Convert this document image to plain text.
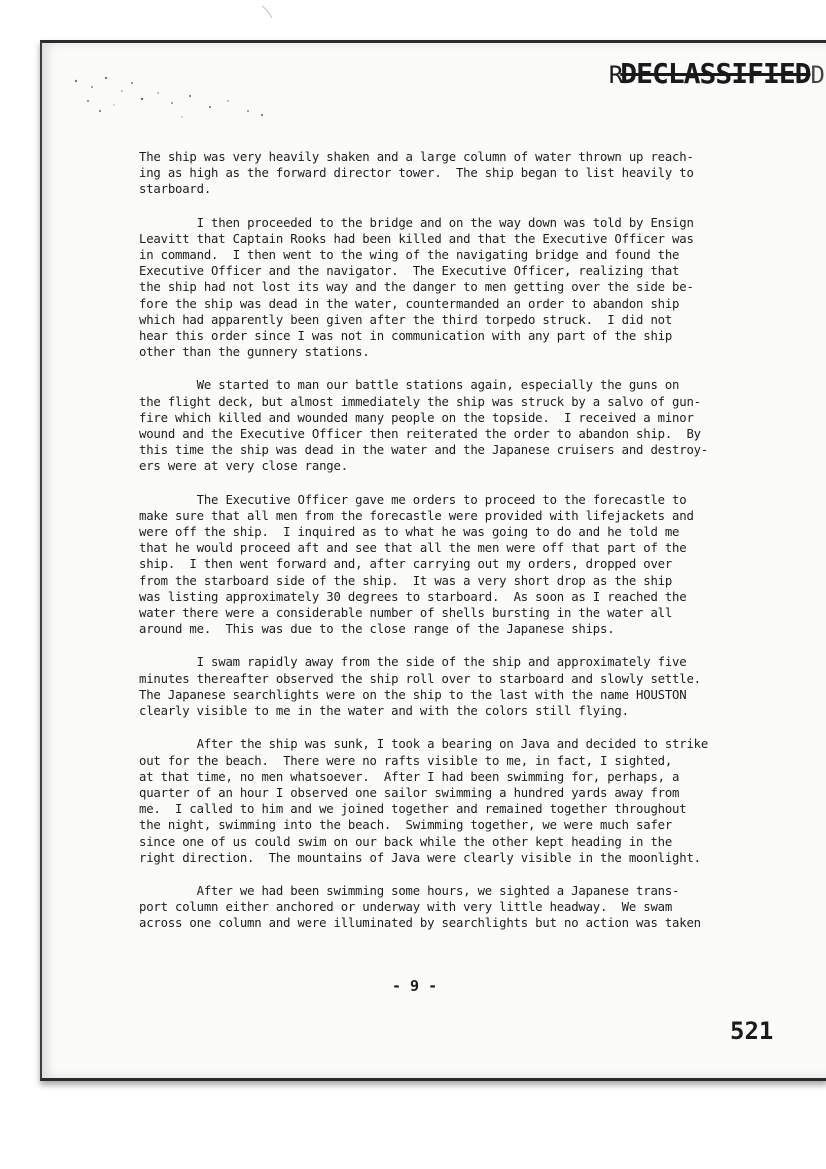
RDECLASSIFIEDD

The ship was very heavily shaken and a large column of water thrown up reach-
ing as high as the forward director tower.  The ship began to list heavily to
starboard.

I then proceeded to the bridge and on the way down was told by Ensign
Leavitt that Captain Rooks had been killed and that the Executive Officer was
in command.  I then went to the wing of the navigating bridge and found the
Executive Officer and the navigator.  The Executive Officer, realizing that
the ship had not lost its way and the danger to men getting over the side be-
fore the ship was dead in the water, countermanded an order to abandon ship
which had apparently been given after the third torpedo struck.  I did not
hear this order since I was not in communication with any part of the ship
other than the gunnery stations.

We started to man our battle stations again, especially the guns on
the flight deck, but almost immediately the ship was struck by a salvo of gun-
fire which killed and wounded many people on the topside.  I received a minor
wound and the Executive Officer then reiterated the order to abandon ship.  By
this time the ship was dead in the water and the Japanese cruisers and destroy-
ers were at very close range.

The Executive Officer gave me orders to proceed to the forecastle to
make sure that all men from the forecastle were provided with lifejackets and
were off the ship.  I inquired as to what he was going to do and he told me
that he would proceed aft and see that all the men were off that part of the
ship.  I then went forward and, after carrying out my orders, dropped over
from the starboard side of the ship.  It was a very short drop as the ship
was listing approximately 30 degrees to starboard.  As soon as I reached the
water there were a considerable number of shells bursting in the water all
around me.  This was due to the close range of the Japanese ships.

I swam rapidly away from the side of the ship and approximately five
minutes thereafter observed the ship roll over to starboard and slowly settle.
The Japanese searchlights were on the ship to the last with the name HOUSTON
clearly visible to me in the water and with the colors still flying.

After the ship was sunk, I took a bearing on Java and decided to strike
out for the beach.  There were no rafts visible to me, in fact, I sighted,
at that time, no men whatsoever.  After I had been swimming for, perhaps, a
quarter of an hour I observed one sailor swimming a hundred yards away from
me.  I called to him and we joined together and remained together throughout
the night, swimming into the beach.  Swimming together, we were much safer
since one of us could swim on our back while the other kept heading in the
right direction.  The mountains of Java were clearly visible in the moonlight.

After we had been swimming some hours, we sighted a Japanese trans-
port column either anchored or underway with very little headway.  We swam
across one column and were illuminated by searchlights but no action was taken

- 9 -
521
